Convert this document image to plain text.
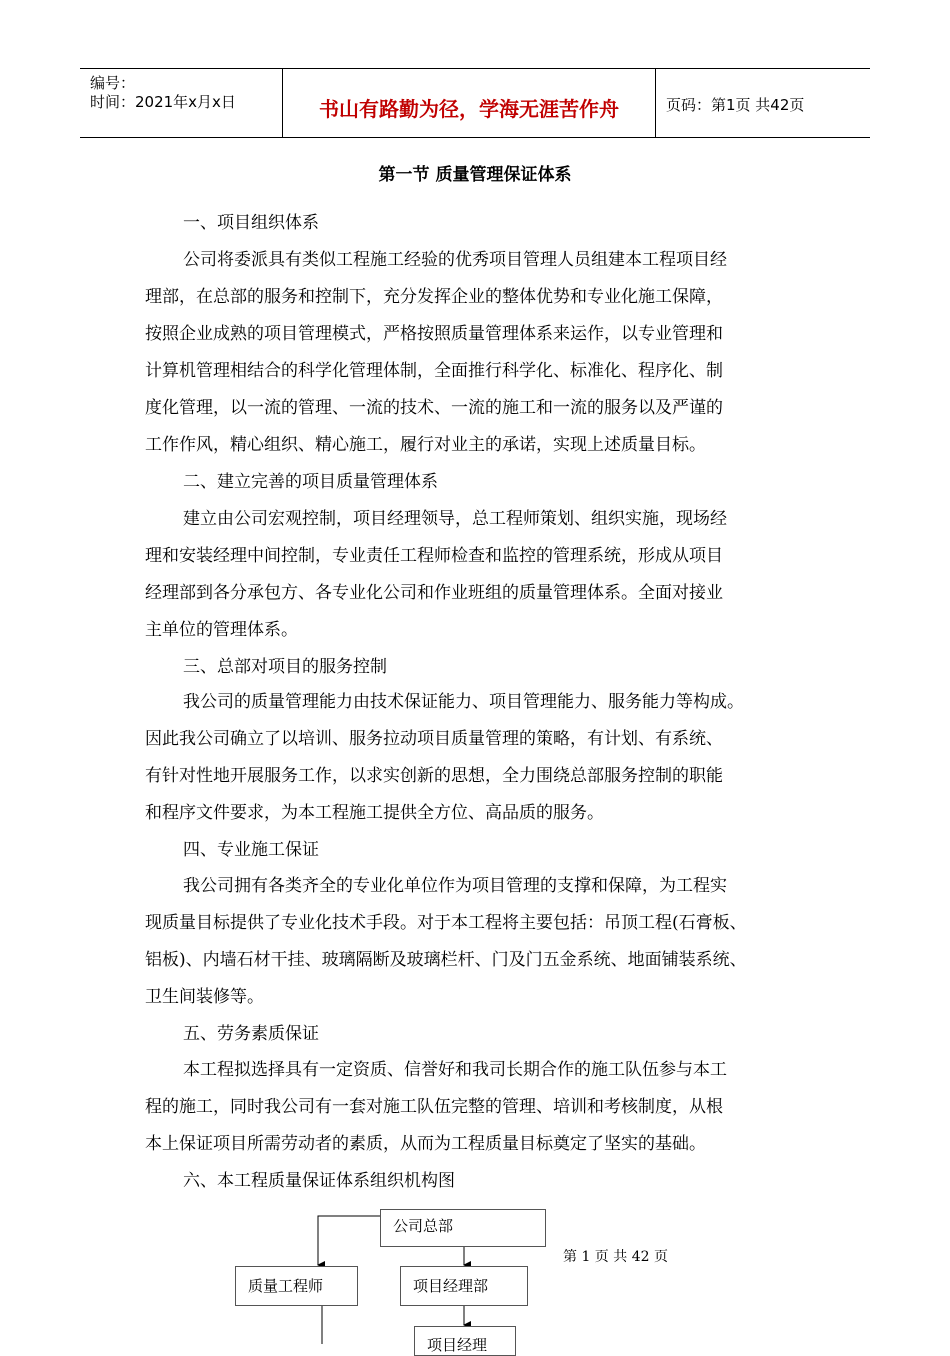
编号：
时间：2021年x月x日	书山有路勤为径，学海无涯苦作舟	页码：第1页 共42页
第一节 质量管理保证体系
一、项目组织体系
公司将委派具有类似工程施工经验的优秀项目管理人员组建本工程项目经
理部，在总部的服务和控制下，充分发挥企业的整体优势和专业化施工保障，
按照企业成熟的项目管理模式，严格按照质量管理体系来运作，以专业管理和
计算机管理相结合的科学化管理体制，全面推行科学化、标准化、程序化、制
度化管理，以一流的管理、一流的技术、一流的施工和一流的服务以及严谨的
工作作风，精心组织、精心施工，履行对业主的承诺，实现上述质量目标。
二、建立完善的项目质量管理体系
建立由公司宏观控制，项目经理领导，总工程师策划、组织实施，现场经
理和安装经理中间控制，专业责任工程师检查和监控的管理系统，形成从项目
经理部到各分承包方、各专业化公司和作业班组的质量管理体系。全面对接业
主单位的管理体系。
三、总部对项目的服务控制
我公司的质量管理能力由技术保证能力、项目管理能力、服务能力等构成。
因此我公司确立了以培训、服务拉动项目质量管理的策略，有计划、有系统、
有针对性地开展服务工作，以求实创新的思想，全力围绕总部服务控制的职能
和程序文件要求，为本工程施工提供全方位、高品质的服务。
四、专业施工保证
我公司拥有各类齐全的专业化单位作为项目管理的支撑和保障，为工程实
现质量目标提供了专业化技术手段。对于本工程将主要包括：吊顶工程(石膏板、
铝板)、内墙石材干挂、玻璃隔断及玻璃栏杆、门及门五金系统、地面铺装系统、
卫生间装修等。
五、劳务素质保证
本工程拟选择具有一定资质、信誉好和我司长期合作的施工队伍参与本工
程的施工，同时我公司有一套对施工队伍完整的管理、培训和考核制度，从根
本上保证项目所需劳动者的素质，从而为工程质量目标奠定了坚实的基础。
六、本工程质量保证体系组织机构图
公司总部
质量工程师	项目经理部
项目经理
第 1 页 共 42 页
